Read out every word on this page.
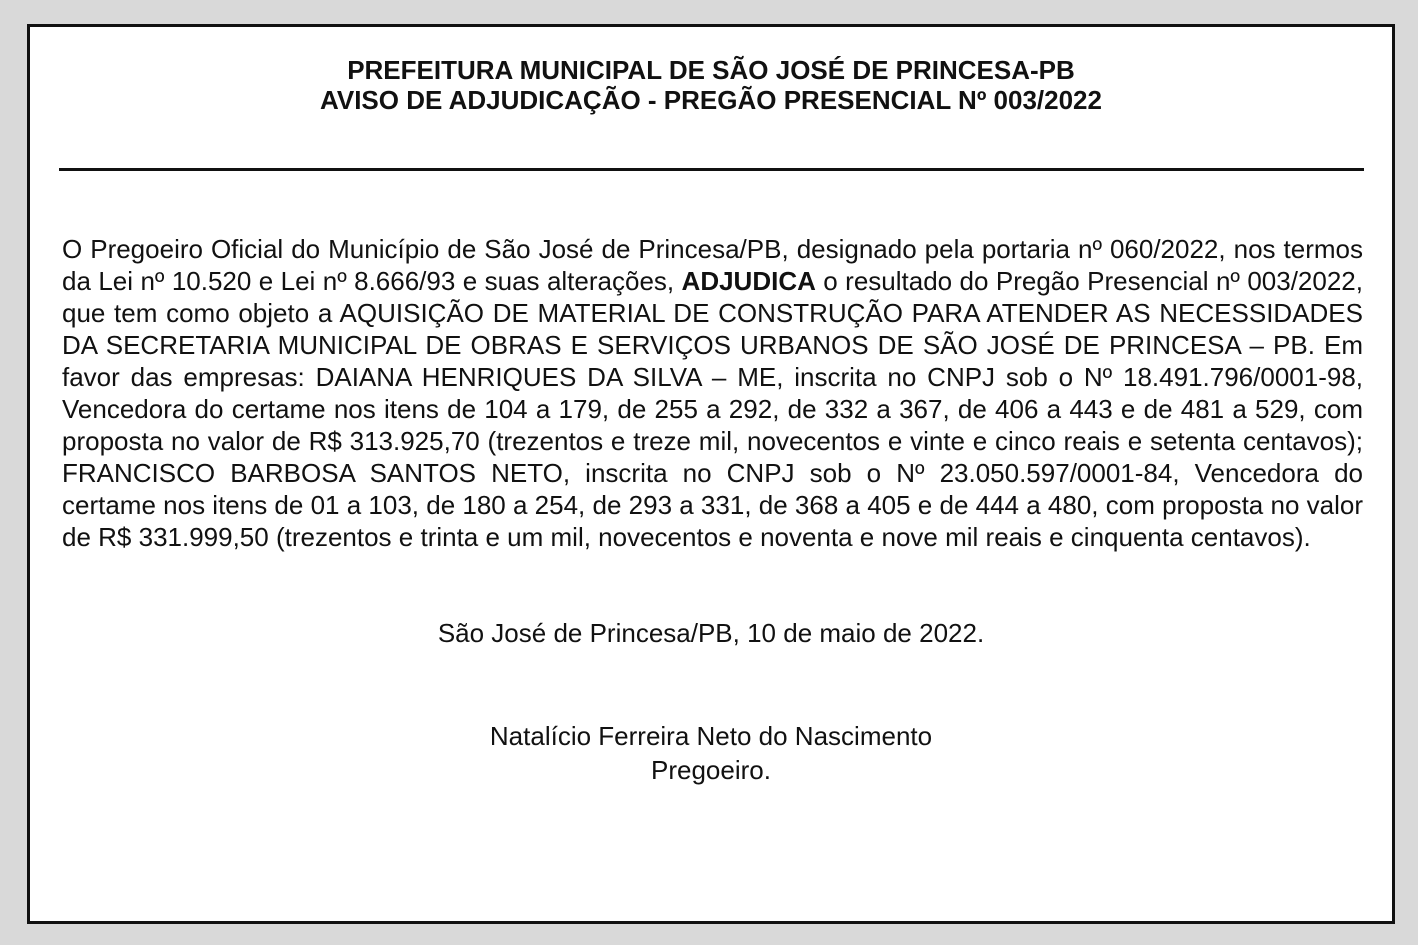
PREFEITURA MUNICIPAL DE SÃO JOSÉ DE PRINCESA-PB
AVISO DE ADJUDICAÇÃO - PREGÃO PRESENCIAL Nº 003/2022

O Pregoeiro Oficial do Município de São José de Princesa/PB, designado pela portaria nº 060/2022, nos termos da Lei nº 10.520 e Lei nº 8.666/93 e suas alterações, ADJUDICA o resultado do Pregão Presencial nº 003/2022, que tem como objeto a AQUISIÇÃO DE MATERIAL DE CONSTRUÇÃO PARA ATENDER AS NECESSIDADES DA SECRETARIA MUNICIPAL DE OBRAS E SERVIÇOS URBANOS DE SÃO JOSÉ DE PRINCESA – PB. Em favor das empresas: DAIANA HENRIQUES DA SILVA – ME, inscrita no CNPJ sob o Nº 18.491.796/0001-98, Vencedora do certame nos itens de 104 a 179, de 255 a 292, de 332 a 367, de 406 a 443 e de 481 a 529, com proposta no valor de R$ 313.925,70 (trezentos e treze mil, novecentos e vinte e cinco reais e setenta centavos); FRANCISCO BARBOSA SANTOS NETO, inscrita no CNPJ sob o Nº 23.050.597/0001-84, Vencedora do certame nos itens de 01 a 103, de 180 a 254, de 293 a 331, de 368 a 405 e de 444 a 480, com proposta no valor de R$ 331.999,50 (trezentos e trinta e um mil, novecentos e noventa e nove mil reais e cinquenta centavos).

São José de Princesa/PB, 10 de maio de 2022.
Natalício Ferreira Neto do Nascimento
Pregoeiro.
